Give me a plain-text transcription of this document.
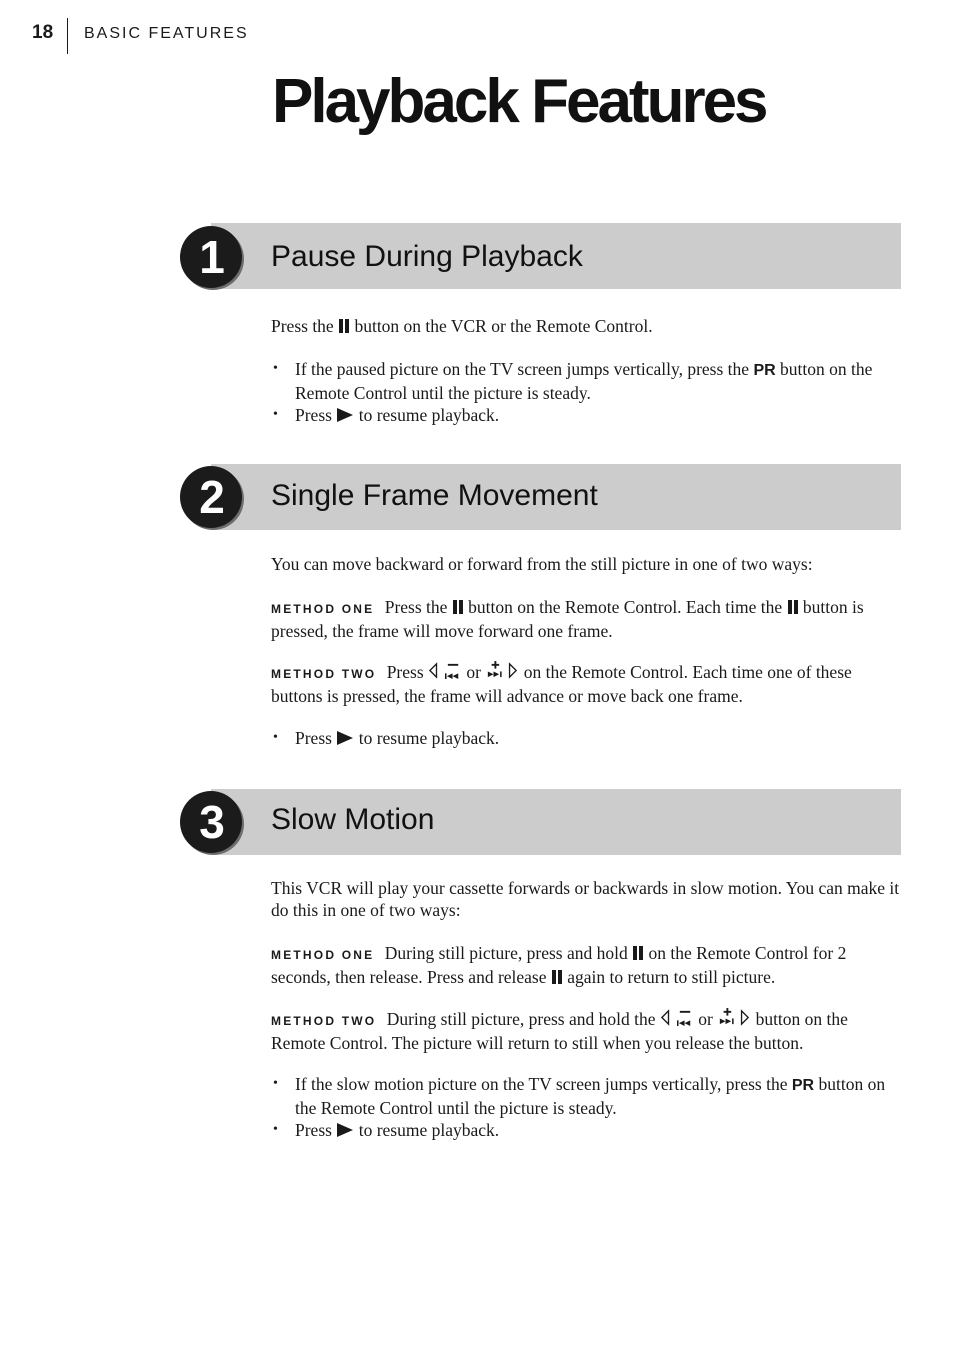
18 BASIC FEATURES
Playback Features
1	Pause During Playback

Press the button on the VCR or the Remote Control.

• If the paused picture on the TV screen jumps vertically, press the PR button on the Remote Control until the picture is steady.
• Press to resume playback.
2	Single Frame Movement

You can move backward or forward from the still picture in one of two ways:

METHOD ONE Press the button on the Remote Control. Each time the button is pressed, the frame will move forward one frame.

METHOD TWO Press or on the Remote Control. Each time one of these buttons is pressed, the frame will advance or move back one frame.

• Press to resume playback.
3	Slow Motion

This VCR will play your cassette forwards or backwards in slow motion. You can make it do this in one of two ways:

METHOD ONE During still picture, press and hold on the Remote Control for 2 seconds, then release. Press and release again to return to still picture.

METHOD TWO During still picture, press and hold the or button on the Remote Control. The picture will return to still when you release the button.

• If the slow motion picture on the TV screen jumps vertically, press the PR button on the Remote Control until the picture is steady.
• Press to resume playback.
